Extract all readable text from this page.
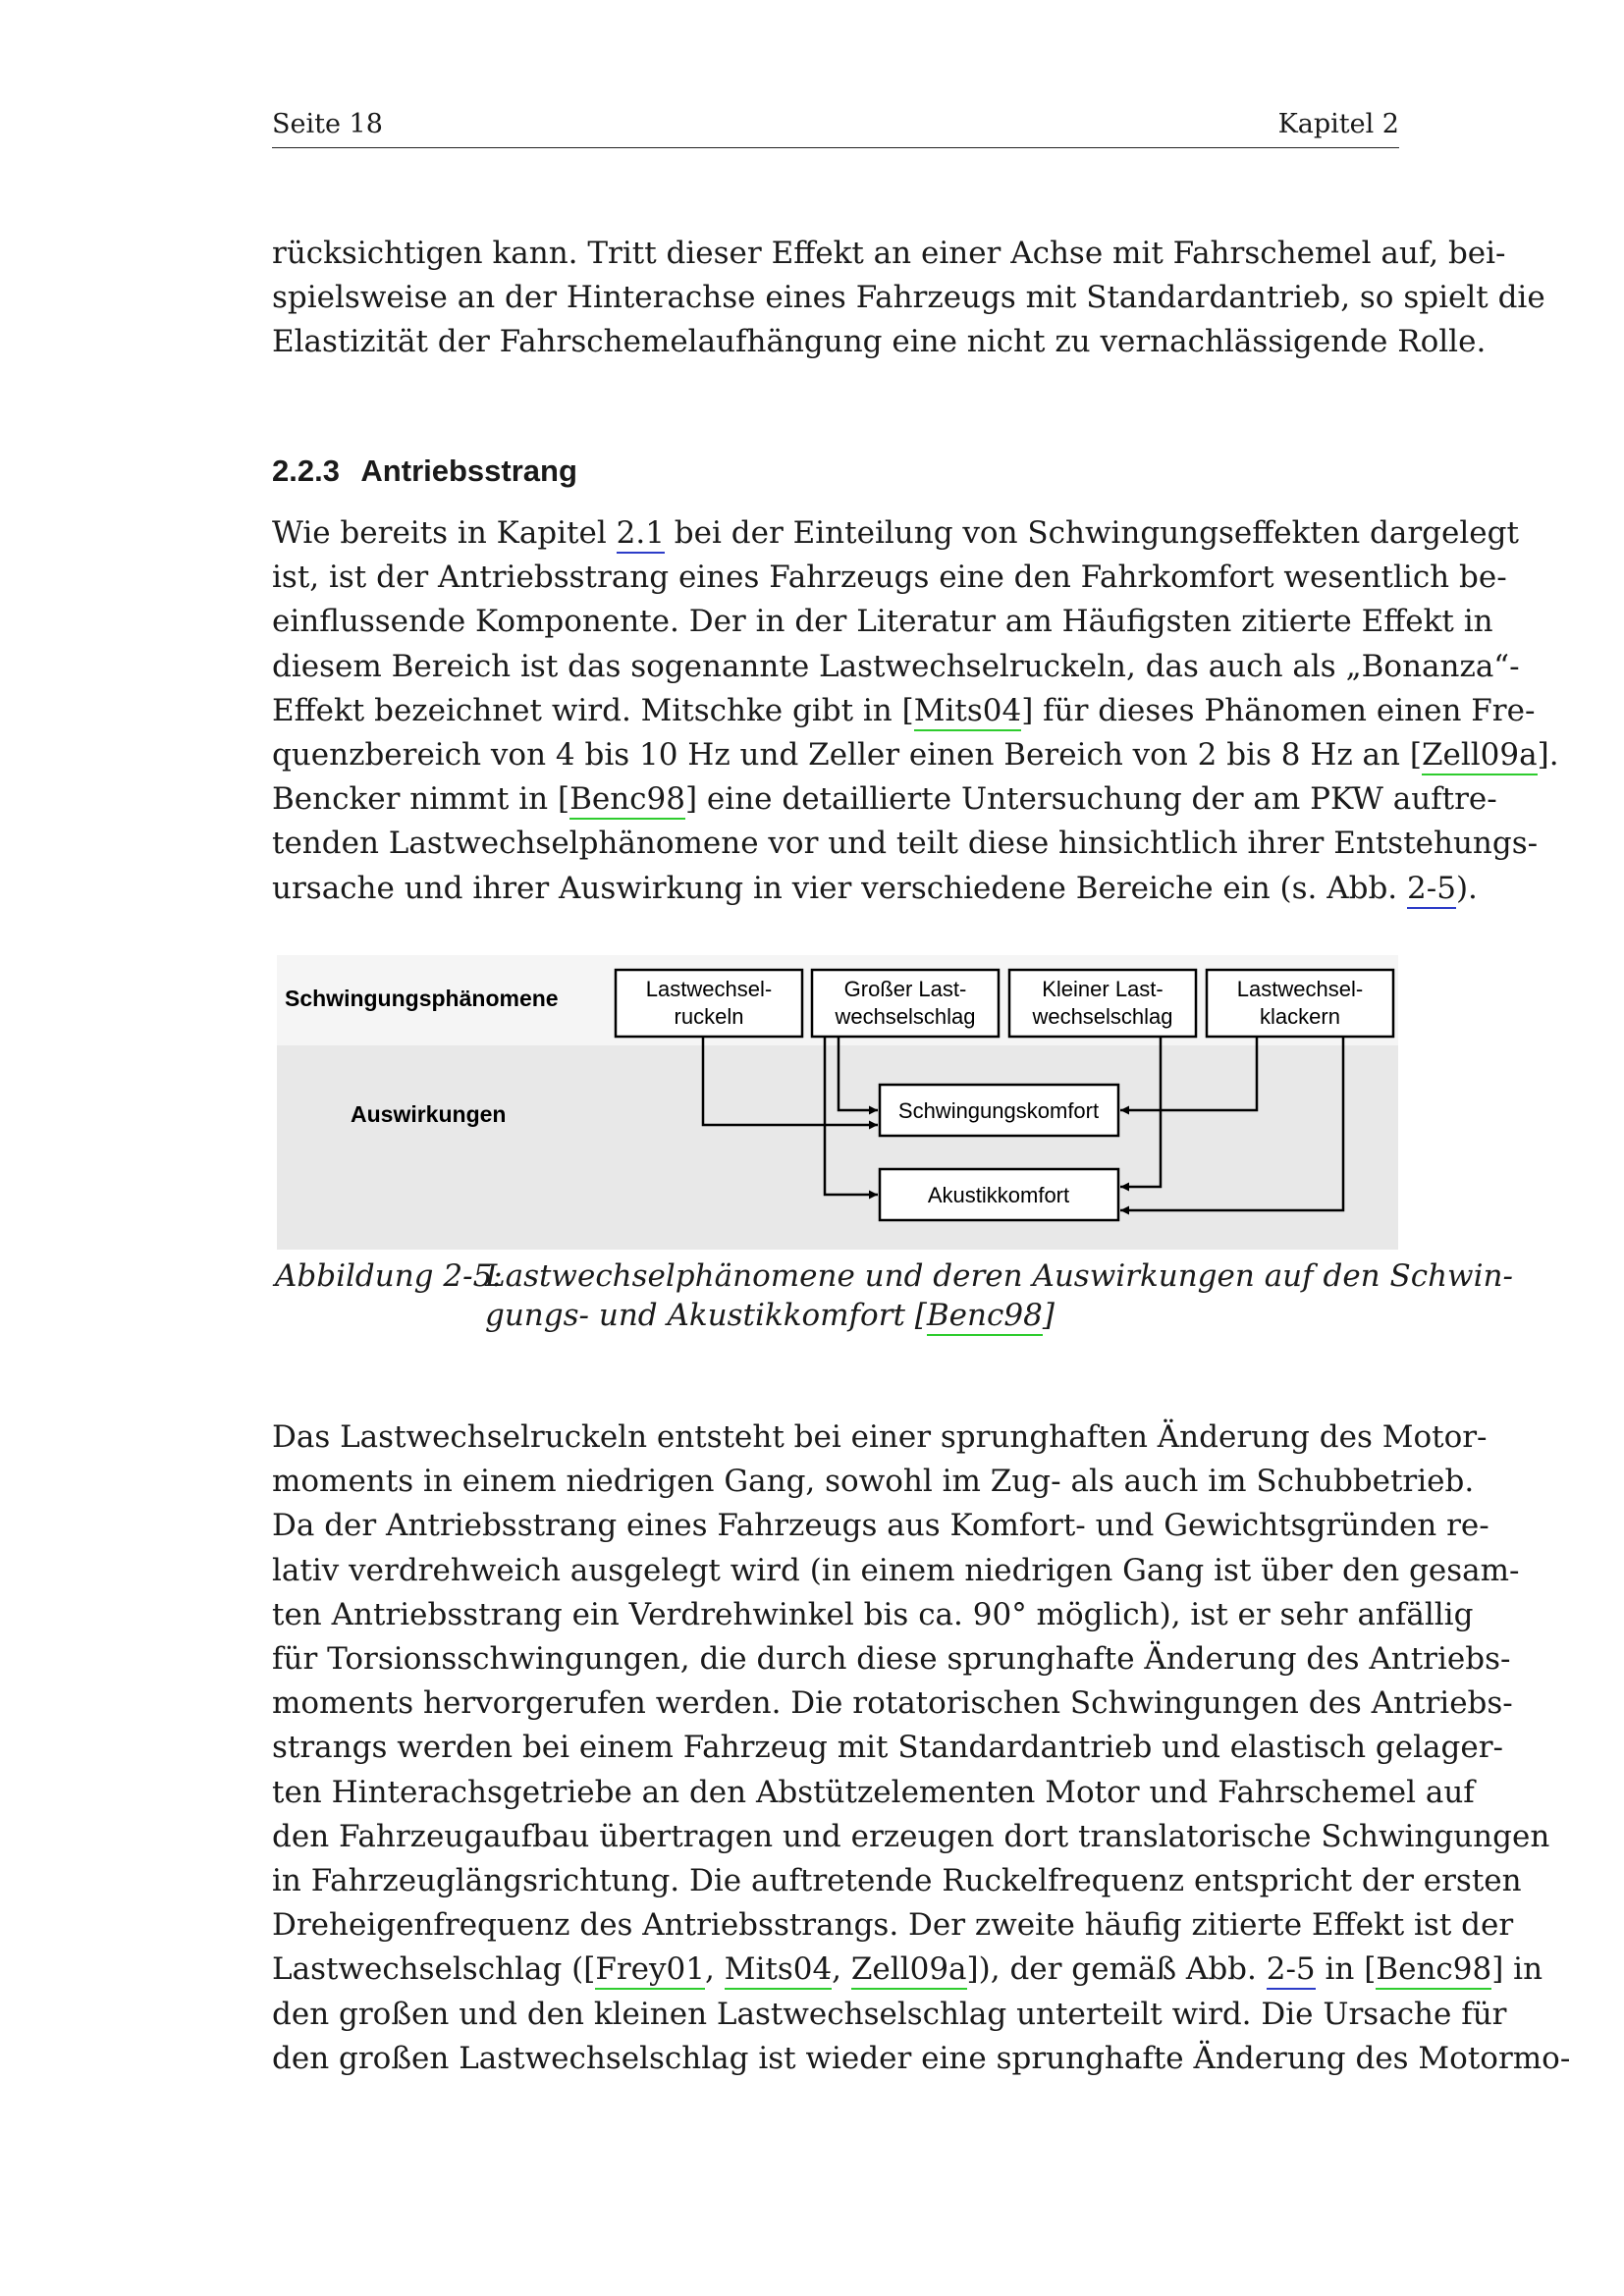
Seite 18	Kapitel 2
rücksichtigen kann. Tritt dieser Effekt an einer Achse mit Fahrschemel auf, bei-
spielsweise an der Hinterachse eines Fahrzeugs mit Standardantrieb, so spielt die
Elastizität der Fahrschemelaufhängung eine nicht zu vernachlässigende Rolle.
2.2.3 Antriebsstrang
Wie bereits in Kapitel 2.1 bei der Einteilung von Schwingungseffekten dargelegt
ist, ist der Antriebsstrang eines Fahrzeugs eine den Fahrkomfort wesentlich be-
einflussende Komponente. Der in der Literatur am Häufigsten zitierte Effekt in
diesem Bereich ist das sogenannte Lastwechselruckeln, das auch als „Bonanza“-
Effekt bezeichnet wird. Mitschke gibt in [Mits04] für dieses Phänomen einen Fre-
quenzbereich von 4 bis 10 Hz und Zeller einen Bereich von 2 bis 8 Hz an [Zell09a].
Bencker nimmt in [Benc98] eine detaillierte Untersuchung der am PKW auftre-
tenden Lastwechselphänomene vor und teilt diese hinsichtlich ihrer Entstehungs-
ursache und ihrer Auswirkung in vier verschiedene Bereiche ein (s. Abb. 2-5).
Schwingungsphänomene
Auswirkungen
Lastwechsel-
ruckeln
Großer Last-
wechselschlag
Kleiner Last-
wechselschlag
Lastwechsel-
klackern
Schwingungskomfort
Akustikkomfort
Abbildung 2-5:
Lastwechselphänomene und deren Auswirkungen auf den Schwin-
gungs- und Akustikkomfort [Benc98]
Das Lastwechselruckeln entsteht bei einer sprunghaften Änderung des Motor-
moments in einem niedrigen Gang, sowohl im Zug- als auch im Schubbetrieb.
Da der Antriebsstrang eines Fahrzeugs aus Komfort- und Gewichtsgründen re-
lativ verdrehweich ausgelegt wird (in einem niedrigen Gang ist über den gesam-
ten Antriebsstrang ein Verdrehwinkel bis ca. 90° möglich), ist er sehr anfällig
für Torsionsschwingungen, die durch diese sprunghafte Änderung des Antriebs-
moments hervorgerufen werden. Die rotatorischen Schwingungen des Antriebs-
strangs werden bei einem Fahrzeug mit Standardantrieb und elastisch gelager-
ten Hinterachsgetriebe an den Abstützelementen Motor und Fahrschemel auf
den Fahrzeugaufbau übertragen und erzeugen dort translatorische Schwingungen
in Fahrzeuglängsrichtung. Die auftretende Ruckelfrequenz entspricht der ersten
Dreheigenfrequenz des Antriebsstrangs. Der zweite häufig zitierte Effekt ist der
Lastwechselschlag ([Frey01, Mits04, Zell09a]), der gemäß Abb. 2-5 in [Benc98] in
den großen und den kleinen Lastwechselschlag unterteilt wird. Die Ursache für
den großen Lastwechselschlag ist wieder eine sprunghafte Änderung des Motormo-
